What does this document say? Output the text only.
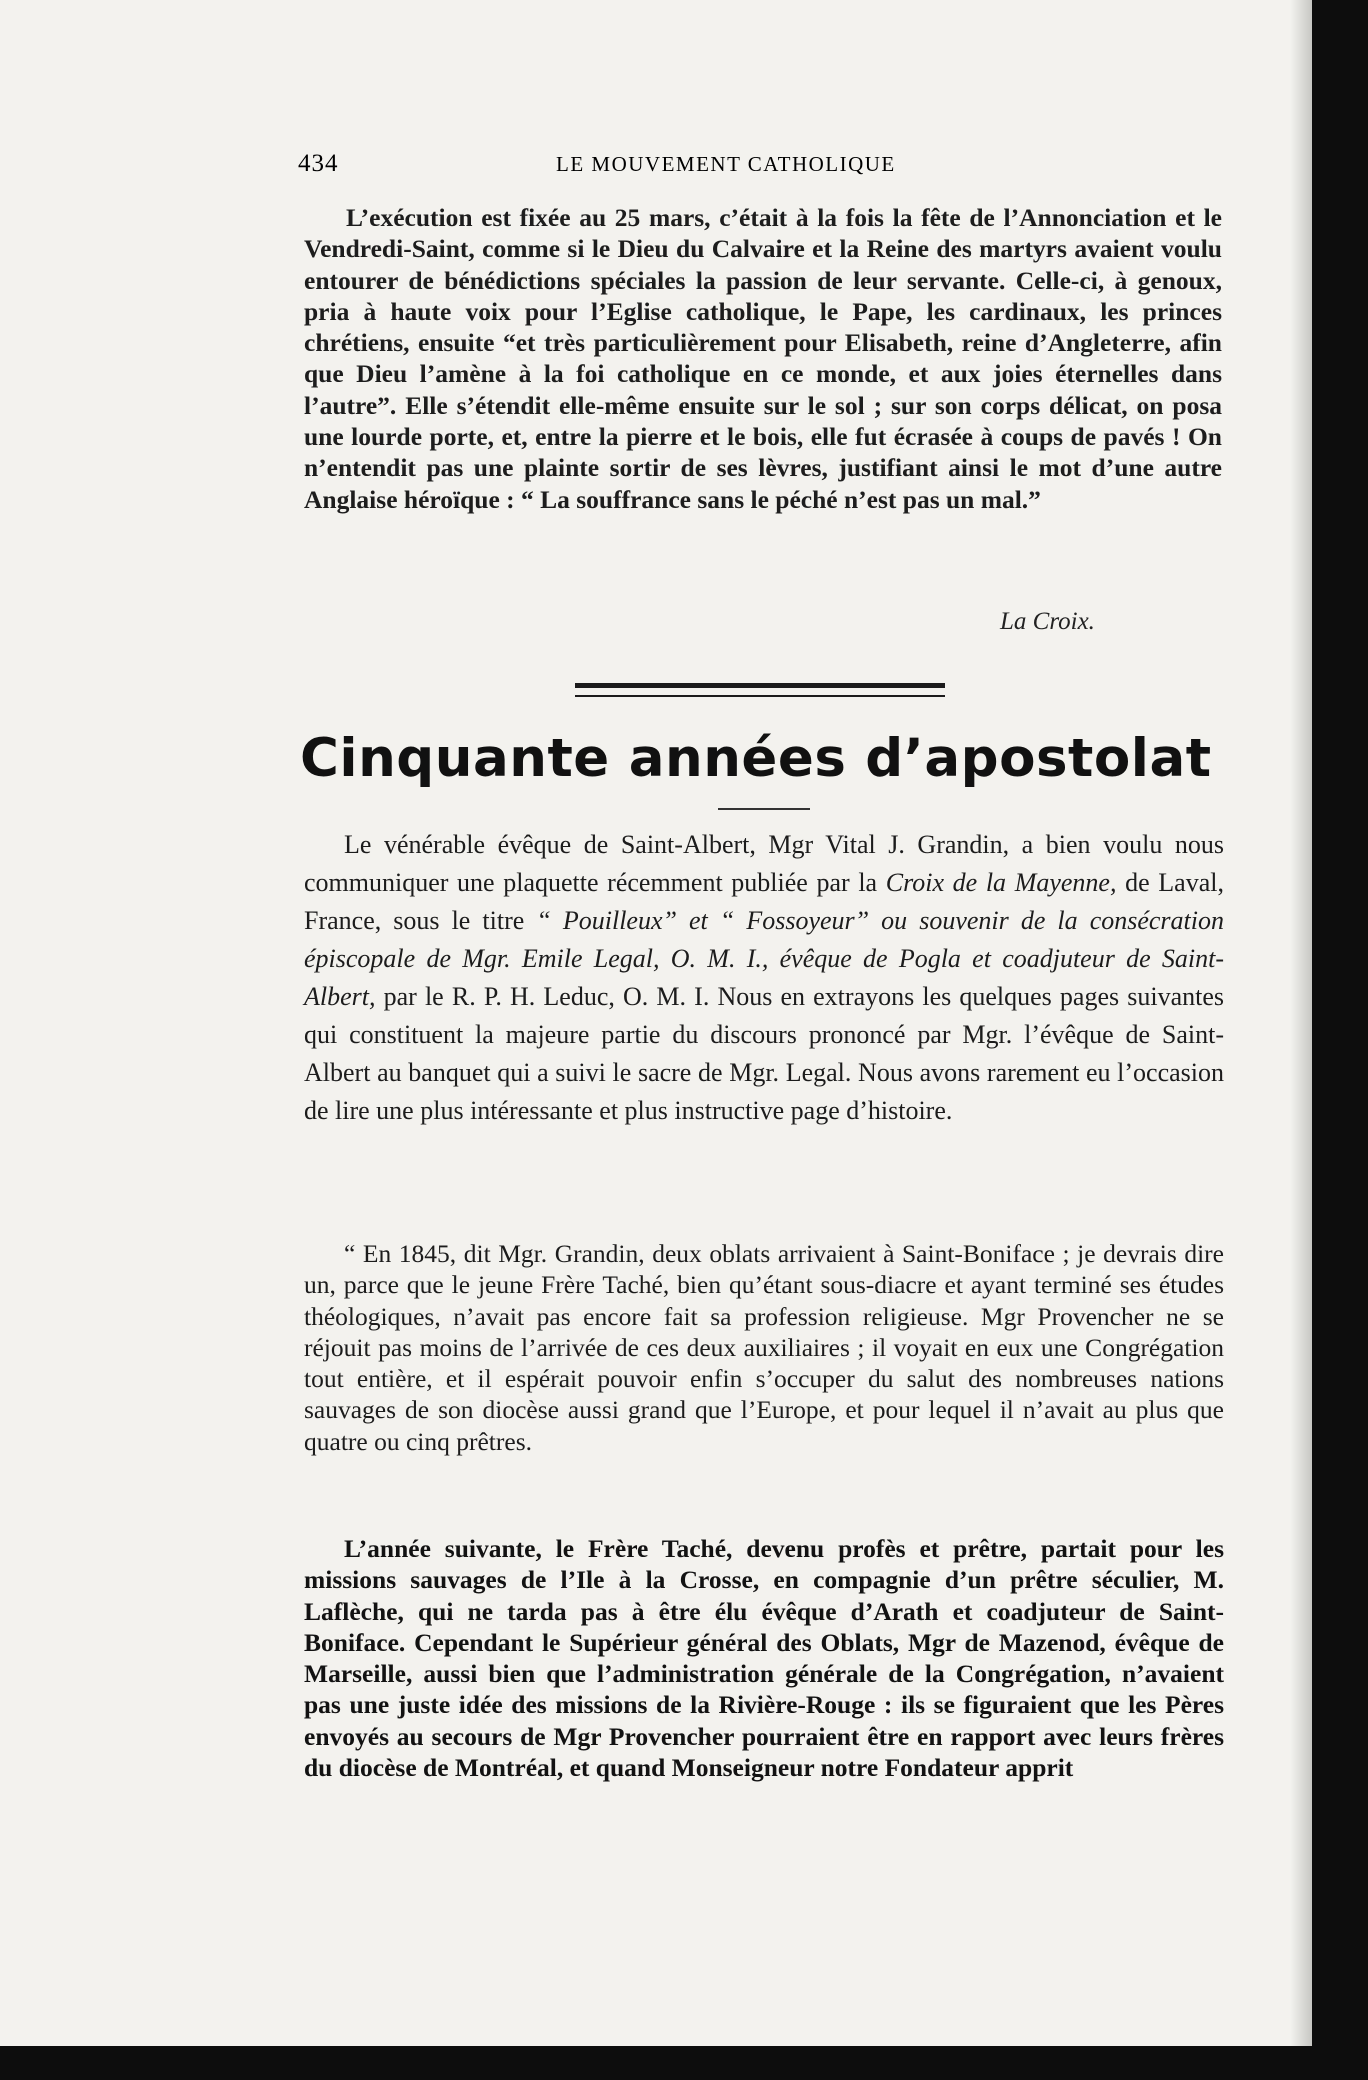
434	LE MOUVEMENT CATHOLIQUE

L’exécution est fixée au 25 mars, c’était à la fois la fête de l’Annonciation et le Vendredi-Saint, comme si le Dieu du Calvaire et la Reine des martyrs avaient voulu entourer de bénédictions spéciales la passion de leur servante. Celle-ci, à genoux, pria à haute voix pour l’Eglise catholique, le Pape, les cardinaux, les princes chrétiens, ensuite “et très particulièrement pour Elisabeth, reine d’Angleterre, afin que Dieu l’amène à la foi catholique en ce monde, et aux joies éternelles dans l’autre”. Elle s’étendit elle-même ensuite sur le sol ; sur son corps délicat, on posa une lourde porte, et, entre la pierre et le bois, elle fut écrasée à coups de pavés ! On n’entendit pas une plainte sortir de ses lèvres, justifiant ainsi le mot d’une autre Anglaise héroïque : “ La souffrance sans le péché n’est pas un mal.”

La Croix.
Cinquante années d’apostolat

Le vénérable évêque de Saint-Albert, Mgr Vital J. Grandin, a bien voulu nous communiquer une plaquette récemment publiée par la Croix de la Mayenne, de Laval, France, sous le titre “ Pouilleux” et “ Fossoyeur” ou souvenir de la consécration épiscopale de Mgr. Emile Legal, O. M. I., évêque de Pogla et coadjuteur de Saint-Albert, par le R. P. H. Leduc, O. M. I. Nous en extrayons les quelques pages suivantes qui constituent la majeure partie du discours prononcé par Mgr. l’évêque de Saint-Albert au banquet qui a suivi le sacre de Mgr. Legal. Nous avons rarement eu l’occasion de lire une plus intéressante et plus instructive page d’histoire.

“ En 1845, dit Mgr. Grandin, deux oblats arrivaient à Saint-Boniface ; je devrais dire un, parce que le jeune Frère Taché, bien qu’étant sous-diacre et ayant terminé ses études théologiques, n’avait pas encore fait sa profession religieuse. Mgr Provencher ne se réjouit pas moins de l’arrivée de ces deux auxiliaires ; il voyait en eux une Congrégation tout entière, et il espérait pouvoir enfin s’occuper du salut des nombreuses nations sauvages de son diocèse aussi grand que l’Europe, et pour lequel il n’avait au plus que quatre ou cinq prêtres.

L’année suivante, le Frère Taché, devenu profès et prêtre, partait pour les missions sauvages de l’Ile à la Crosse, en compagnie d’un prêtre séculier, M. Laflèche, qui ne tarda pas à être élu évêque d’Arath et coadjuteur de Saint-Boniface. Cependant le Supérieur général des Oblats, Mgr de Mazenod, évêque de Marseille, aussi bien que l’administration générale de la Congrégation, n’avaient pas une juste idée des missions de la Rivière-Rouge : ils se figuraient que les Pères envoyés au secours de Mgr Provencher pourraient être en rapport avec leurs frères du diocèse de Montréal, et quand Monseigneur notre Fondateur apprit
